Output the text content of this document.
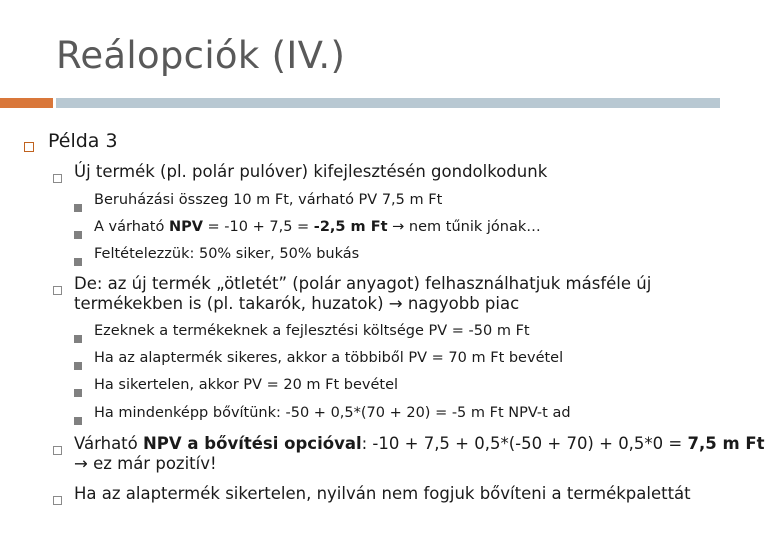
Reálopciók (IV.)
Példa 3
Új termék (pl. polár pulóver) kifejlesztésén gondolkodunk
Beruházási összeg 10 m Ft, várható PV 7,5 m Ft
A várható NPV = -10 + 7,5 = -2,5 m Ft → nem tűnik jónak…
Feltételezzük: 50% siker, 50% bukás
De: az új termék „ötletét” (polár anyagot) felhasználhatjuk másféle új
termékekben is (pl. takarók, huzatok) → nagyobb piac
Ezeknek a termékeknek a fejlesztési költsége PV = -50 m Ft
Ha az alaptermék sikeres, akkor a többiből PV = 70 m Ft bevétel
Ha sikertelen, akkor PV = 20 m Ft bevétel
Ha mindenképp bővítünk: -50 + 0,5*(70 + 20) = -5 m Ft NPV-t ad
Várható NPV a bővítési opcióval: -10 + 7,5 + 0,5*(-50 + 70) + 0,5*0 = 7,5 m Ft
→ ez már pozitív!
Ha az alaptermék sikertelen, nyilván nem fogjuk bővíteni a termékpalettát
